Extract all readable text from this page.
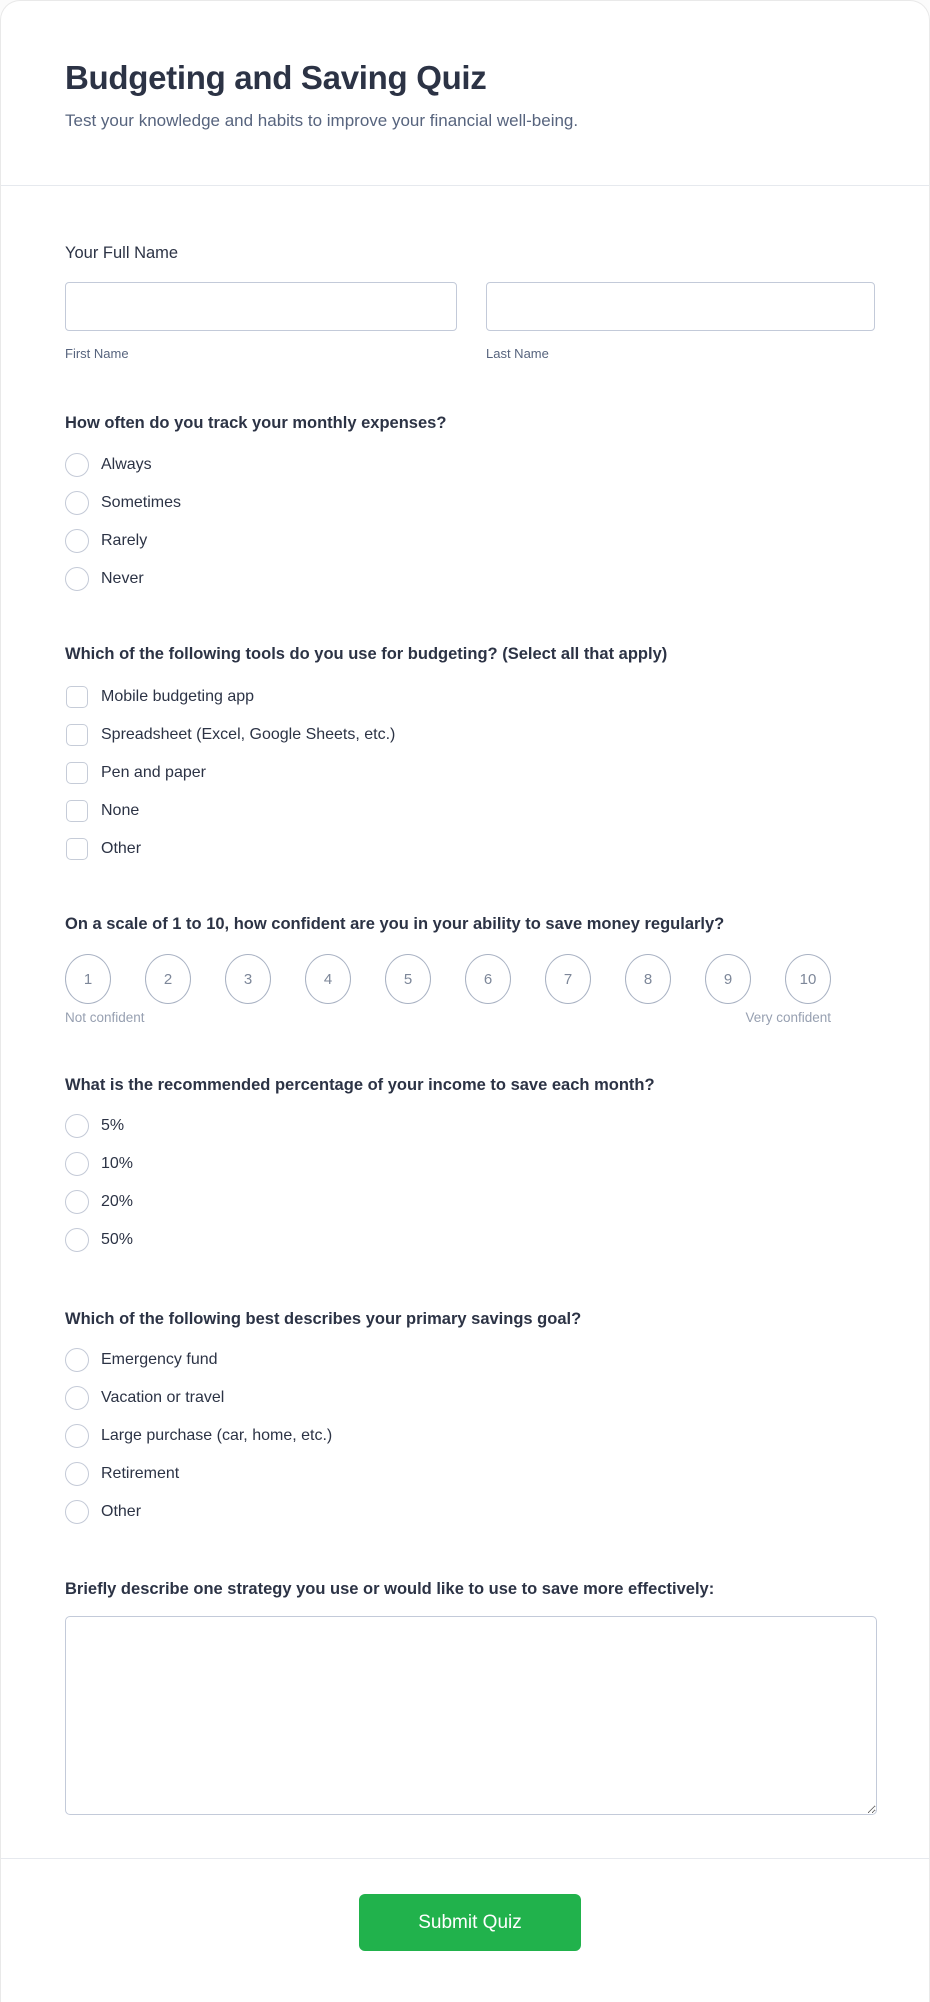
Budgeting and Saving Quiz

Test your knowledge and habits to improve your financial well-being.

Your Full Name
First Name	Last Name
How often do you track your monthly expenses?
Always
Sometimes
Rarely
Never
Which of the following tools do you use for budgeting? (Select all that apply)
Mobile budgeting app
Spreadsheet (Excel, Google Sheets, etc.)
Pen and paper
None
Other
On a scale of 1 to 10, how confident are you in your ability to save money regularly?
1	2	3	4	5	6	7	8	9	10
Not confident	Very confident
What is the recommended percentage of your income to save each month?
5%
10%
20%
50%
Which of the following best describes your primary savings goal?
Emergency fund
Vacation or travel
Large purchase (car, home, etc.)
Retirement
Other
Briefly describe one strategy you use or would like to use to save more effectively:
Submit Quiz
